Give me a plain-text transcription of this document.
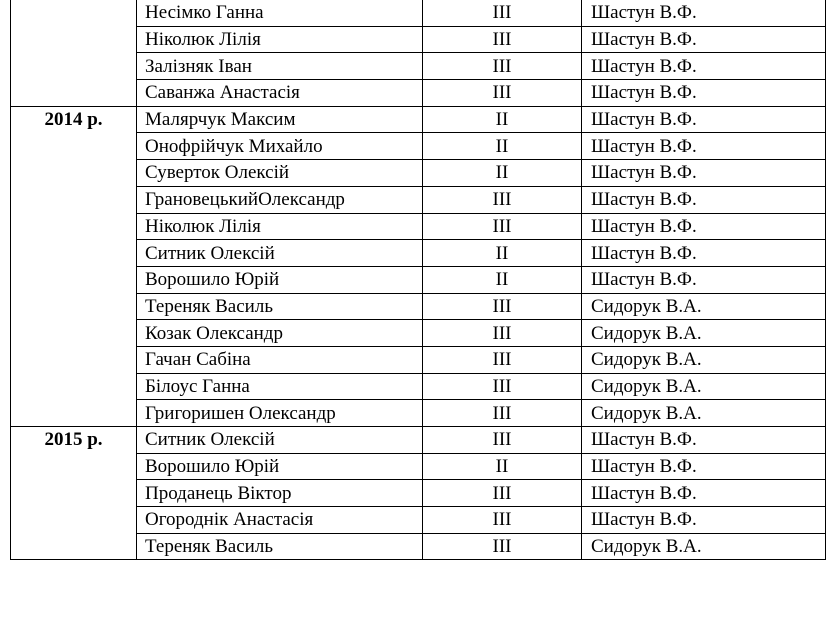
	Несімко Ганна	III	Шастун В.Ф.
	Ніколюк Лілія	III	Шастун В.Ф.
	Залізняк Іван	III	Шастун В.Ф.
	Саванжа Анастасія	III	Шастун В.Ф.
2014 р.	Малярчук Максим	II	Шастун В.Ф.
	Онофрійчук Михайло	II	Шастун В.Ф.
	Суверток Олексій	II	Шастун В.Ф.
	ГрановецькийОлександр	III	Шастун В.Ф.
	Ніколюк Лілія	III	Шастун В.Ф.
	Ситник Олексій	II	Шастун В.Ф.
	Ворошило Юрій	II	Шастун В.Ф.
	Тереняк Василь	III	Сидорук В.А.
	Козак Олександр	III	Сидорук В.А.
	Гачан Сабіна	III	Сидорук В.А.
	Білоус Ганна	III	Сидорук В.А.
	Григоришен Олександр	III	Сидорук В.А.
2015 р.	Ситник Олексій	III	Шастун В.Ф.
	Ворошило Юрій	II	Шастун В.Ф.
	Проданець Віктор	III	Шастун В.Ф.
	Огороднік Анастасія	III	Шастун В.Ф.
	Тереняк Василь	III	Сидорук В.А.
